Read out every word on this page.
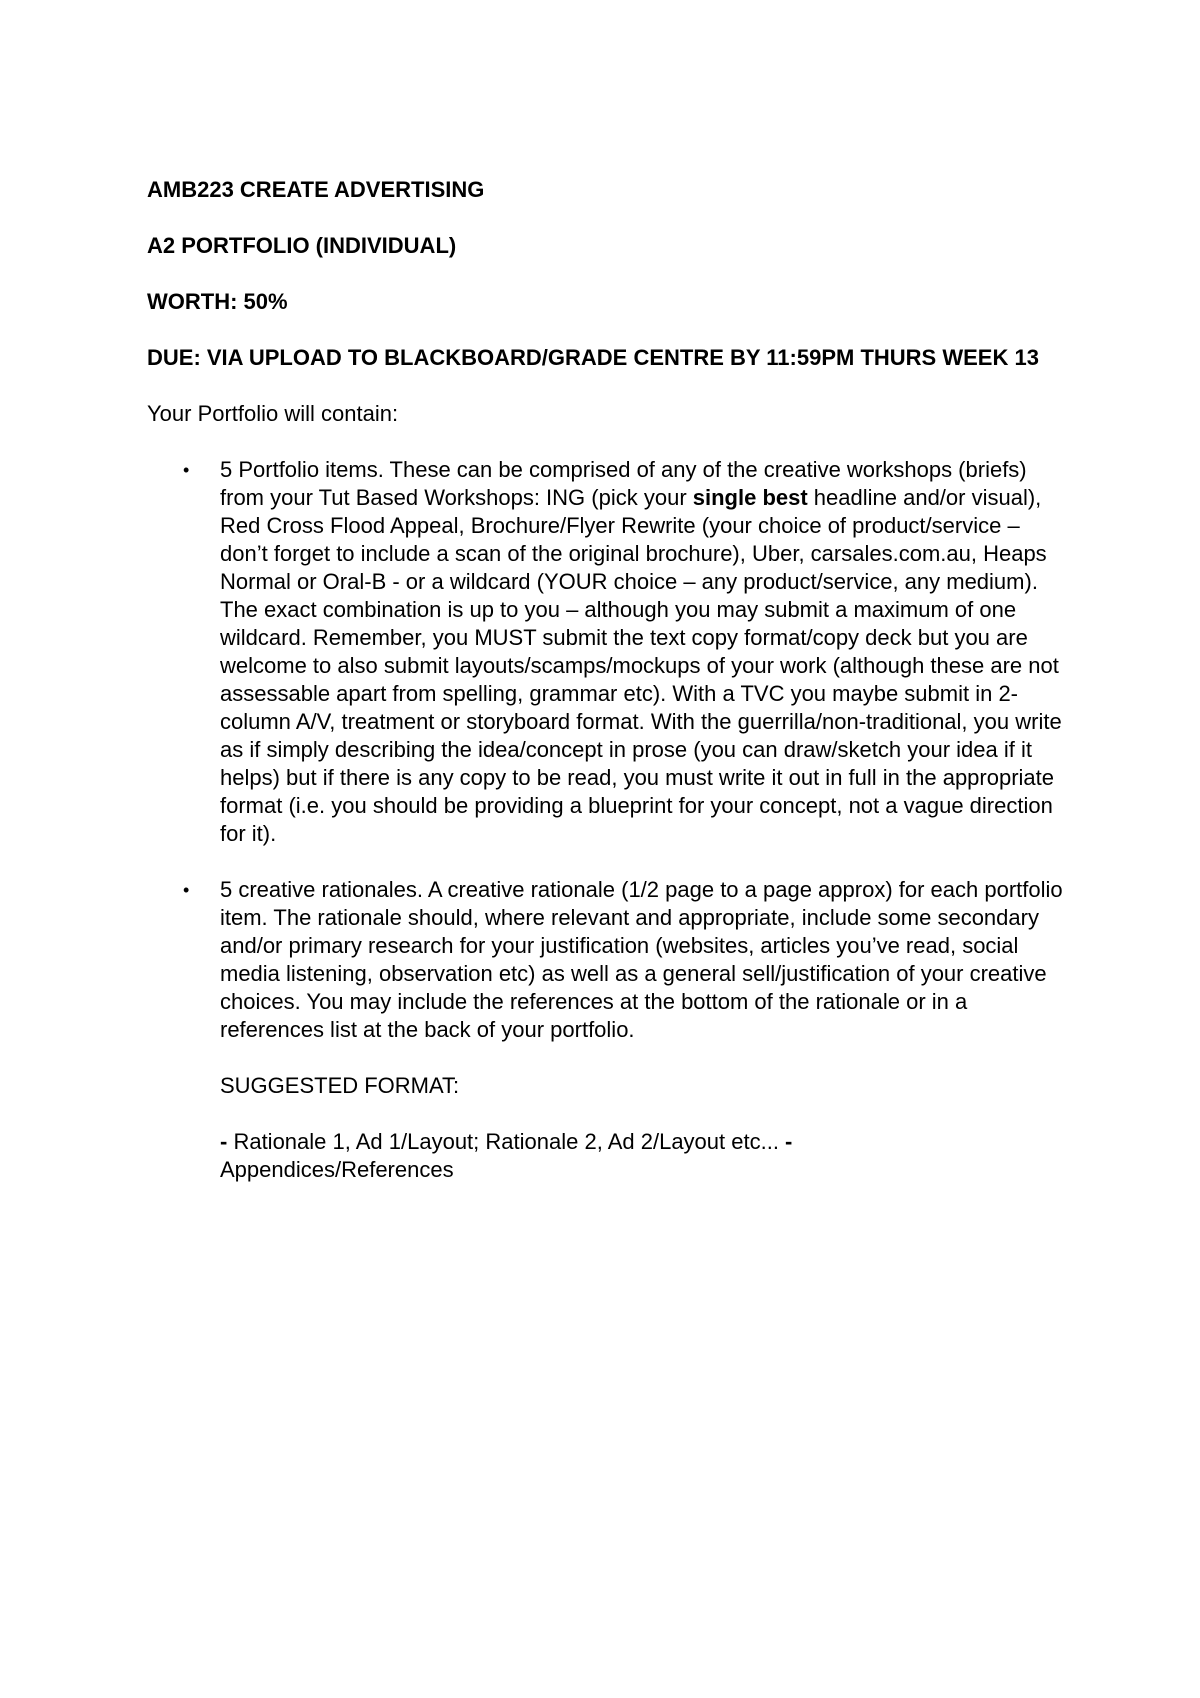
AMB223 CREATE ADVERTISING

A2 PORTFOLIO (INDIVIDUAL)

WORTH: 50%

DUE: VIA UPLOAD TO BLACKBOARD/GRADE CENTRE BY 11:59PM THURS WEEK 13

Your Portfolio will contain:

• 5 Portfolio items. These can be comprised of any of the creative workshops (briefs) from your Tut Based Workshops: ING (pick your single best headline and/or visual), Red Cross Flood Appeal, Brochure/Flyer Rewrite (your choice of product/service – don’t forget to include a scan of the original brochure), Uber, carsales.com.au, Heaps Normal or Oral-B - or a wildcard (YOUR choice – any product/service, any medium). The exact combination is up to you – although you may submit a maximum of one wildcard. Remember, you MUST submit the text copy format/copy deck but you are welcome to also submit layouts/scamps/mockups of your work (although these are not assessable apart from spelling, grammar etc). With a TVC you maybe submit in 2-column A/V, treatment or storyboard format. With the guerrilla/non-traditional, you write as if simply describing the idea/concept in prose (you can draw/sketch your idea if it helps) but if there is any copy to be read, you must write it out in full in the appropriate format (i.e. you should be providing a blueprint for your concept, not a vague direction for it).

• 5 creative rationales. A creative rationale (1/2 page to a page approx) for each portfolio item. The rationale should, where relevant and appropriate, include some secondary and/or primary research for your justification (websites, articles you’ve read, social media listening, observation etc) as well as a general sell/justification of your creative choices. You may include the references at the bottom of the rationale or in a references list at the back of your portfolio.

SUGGESTED FORMAT:

- Rationale 1, Ad 1/Layout; Rationale 2, Ad 2/Layout etc... -
Appendices/References
